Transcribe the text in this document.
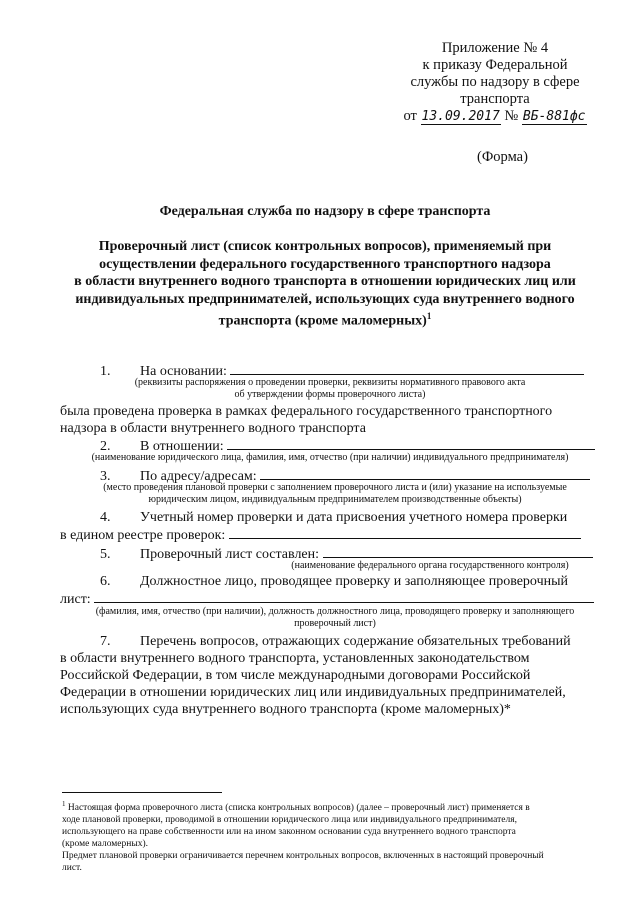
Приложение № 4
к приказу Федеральной
службы по надзору в сфере
транспорта
от 13.09.2017 № ВБ-881фс
(Форма)
Федеральная служба по надзору в сфере транспорта
Проверочный лист (список контрольных вопросов), применяемый при
осуществлении федерального государственного транспортного надзора
в области внутреннего водного транспорта в отношении юридических лиц или
индивидуальных предпринимателей, использующих суда внутреннего водного
транспорта (кроме маломерных)$^1$
1. На основании:
(реквизиты распоряжения о проведении проверки, реквизиты нормативного правового акта
об утверждении формы проверочного листа)
была проведена проверка в рамках федерального государственного транспортного
надзора в области внутреннего водного транспорта
2. В отношении:
(наименование юридического лица, фамилия, имя, отчество (при наличии) индивидуального предпринимателя)
3. По адресу/адресам:
(место проведения плановой проверки с заполнением проверочного листа и (или) указание на используемые
юридическим лицом, индивидуальным предпринимателем производственные объекты)
4. Учетный номер проверки и дата присвоения учетного номера проверки
в едином реестре проверок:
5. Проверочный лист составлен:
(наименование федерального органа государственного контроля)
6. Должностное лицо, проводящее проверку и заполняющее проверочный
лист:
(фамилия, имя, отчество (при наличии), должность должностного лица, проводящего проверку и заполняющего
проверочный лист)
7. Перечень вопросов, отражающих содержание обязательных требований
в области внутреннего водного транспорта, установленных законодательством
Российской Федерации, в том числе международными договорами Российской
Федерации в отношении юридических лиц или индивидуальных предпринимателей,
использующих суда внутреннего водного транспорта (кроме маломерных)*
$^1$ Настоящая форма проверочного листа (списка контрольных вопросов) (далее – проверочный лист) применяется в
ходе плановой проверки, проводимой в отношении юридического лица или индивидуального предпринимателя,
использующего на праве собственности или на ином законном основании суда внутреннего водного транспорта
(кроме маломерных).
Предмет плановой проверки ограничивается перечнем контрольных вопросов, включенных в настоящий проверочный
лист.
